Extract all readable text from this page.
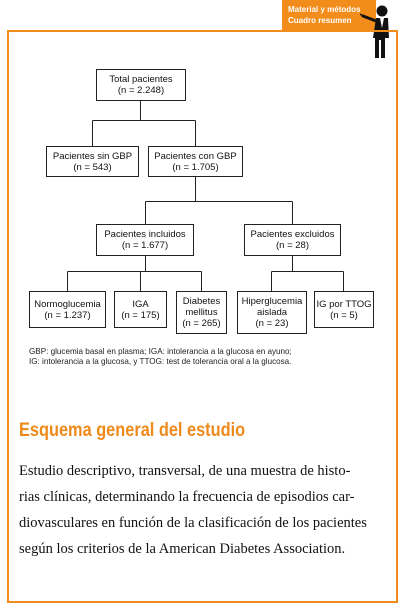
Material y métodos
Cuadro resumen
Total pacientes
(n = 2.248)
Pacientes sin GBP
(n = 543)
Pacientes con GBP
(n = 1.705)
Pacientes incluidos
(n = 1.677)
Pacientes excluidos
(n = 28)
Normoglucemia
(n = 1.237)
IGA
(n = 175)
Diabetes
mellitus
(n = 265)
Hiperglucemia
aislada
(n = 23)
IG por TTOG
(n = 5)
GBP: glucemia basal en plasma; IGA: intolerancia a la glucosa en ayuno;
IG: intolerancia a la glucosa, y TTOG: test de tolerancia oral a la glucosa.
Esquema general del estudio
Estudio descriptivo, transversal, de una muestra de histo-
rias clínicas, determinando la frecuencia de episodios car-
diovasculares en función de la clasificación de los pacientes
según los criterios de la American Diabetes Association.
